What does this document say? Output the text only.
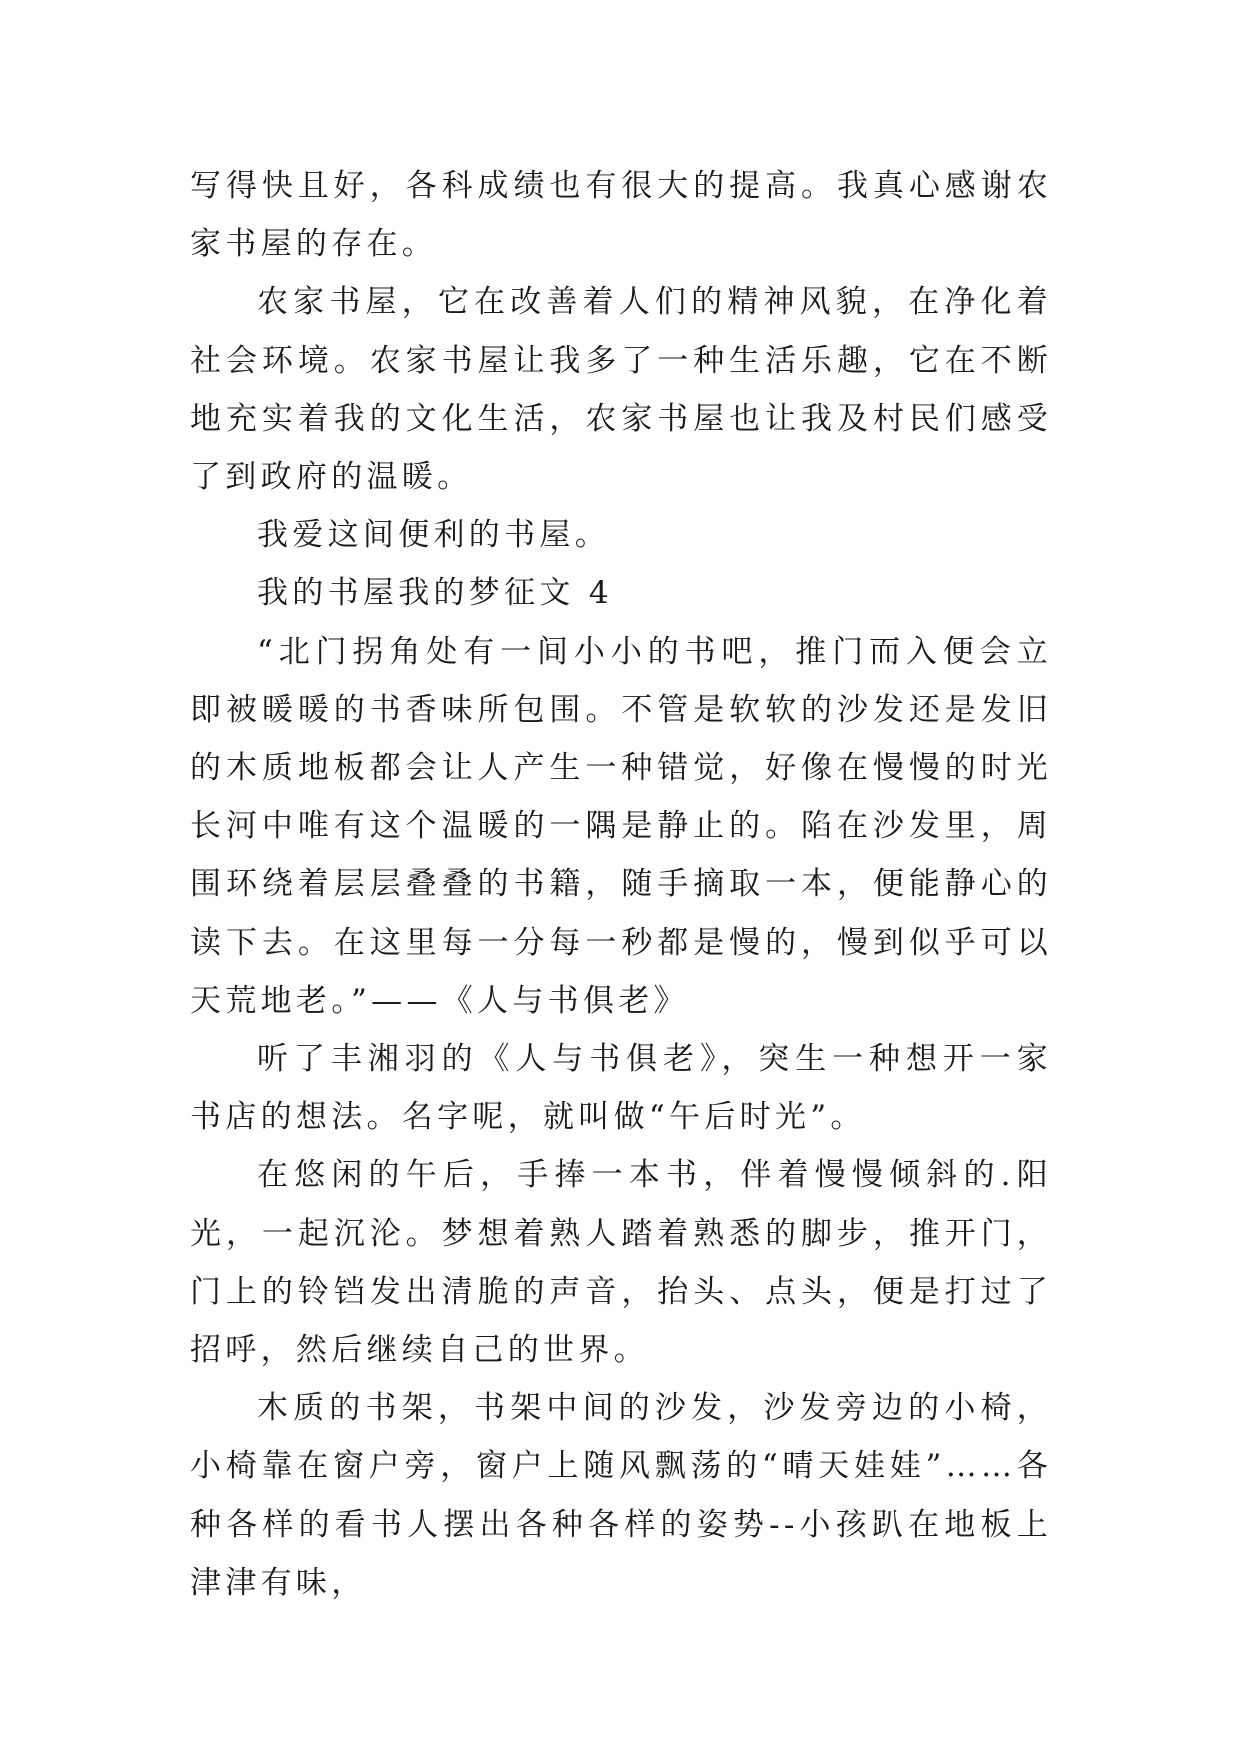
写得快且好，各科成绩也有很大的提高。我真心感谢农家书屋的存在。

农家书屋，它在改善着人们的精神风貌，在净化着社会环境。农家书屋让我多了一种生活乐趣，它在不断地充实着我的文化生活，农家书屋也让我及村民们感受了到政府的温暖。

我爱这间便利的书屋。

我的书屋我的梦征文 4

“北门拐角处有一间小小的书吧，推门而入便会立即被暖暖的书香味所包围。不管是软软的沙发还是发旧的木质地板都会让人产生一种错觉，好像在慢慢的时光长河中唯有这个温暖的一隅是静止的。陷在沙发里，周围环绕着层层叠叠的书籍，随手摘取一本，便能静心的读下去。在这里每一分每一秒都是慢的，慢到似乎可以天荒地老。”——《人与书俱老》

听了丰湘羽的《人与书俱老》，突生一种想开一家书店的想法。名字呢，就叫做“午后时光”。

在悠闲的午后，手捧一本书，伴着慢慢倾斜的.阳光，一起沉沦。梦想着熟人踏着熟悉的脚步，推开门，门上的铃铛发出清脆的声音，抬头、点头，便是打过了招呼，然后继续自己的世界。

木质的书架，书架中间的沙发，沙发旁边的小椅，小椅靠在窗户旁，窗户上随风飘荡的“晴天娃娃”……各种各样的看书人摆出各种各样的姿势--小孩趴在地板上津津有味，
